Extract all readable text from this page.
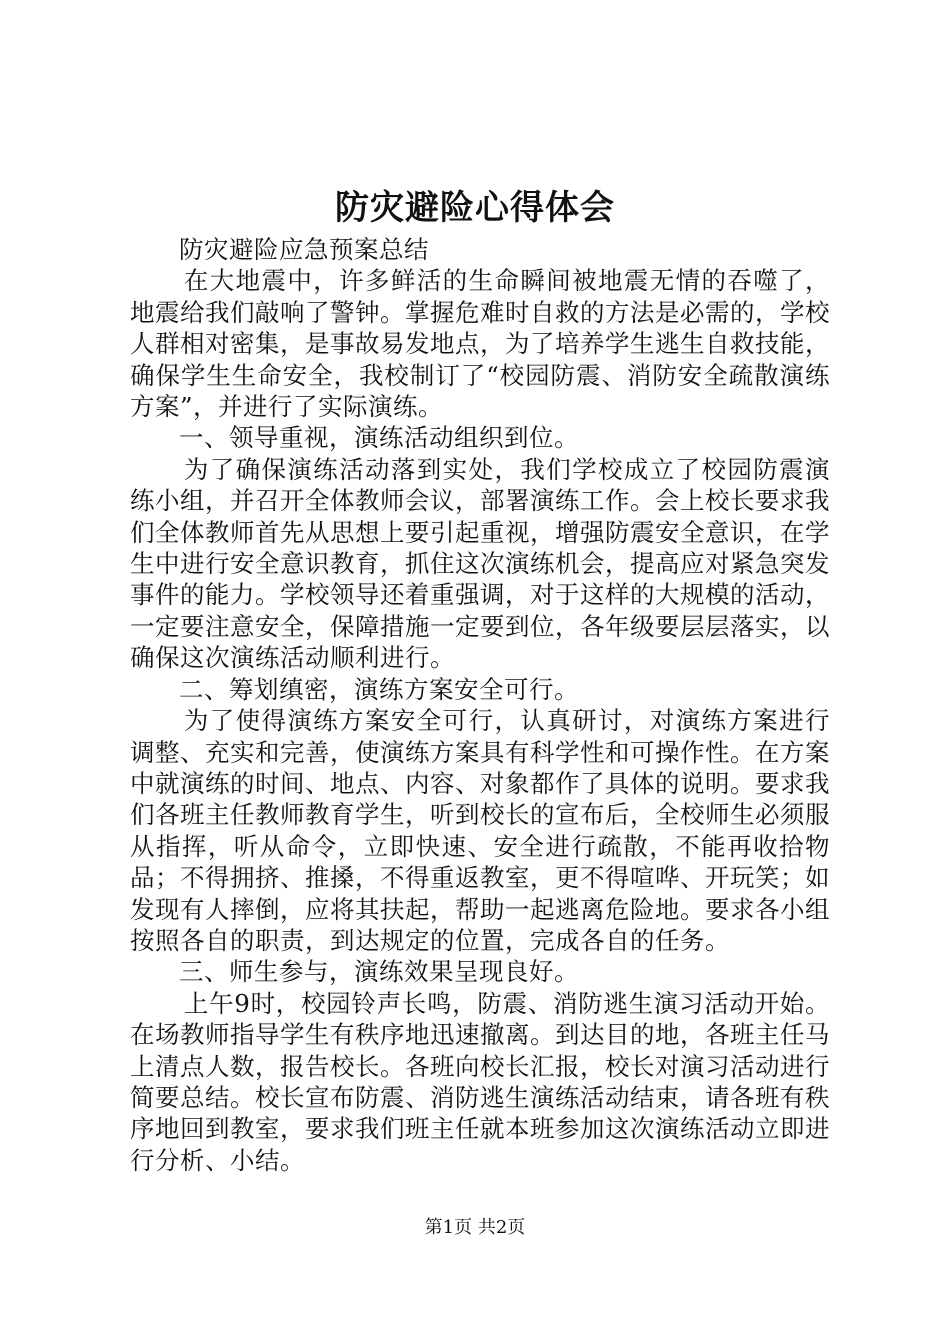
防灾避险心得体会

防灾避险应急预案总结

在大地震中，许多鲜活的生命瞬间被地震无情的吞噬了，地震给我们敲响了警钟。掌握危难时自救的方法是必需的，学校人群相对密集，是事故易发地点，为了培养学生逃生自救技能，确保学生生命安全，我校制订了“校园防震、消防安全疏散演练方案”，并进行了实际演练。

一、领导重视，演练活动组织到位。

为了确保演练活动落到实处，我们学校成立了校园防震演练小组，并召开全体教师会议，部署演练工作。会上校长要求我们全体教师首先从思想上要引起重视，增强防震安全意识，在学生中进行安全意识教育，抓住这次演练机会，提高应对紧急突发事件的能力。学校领导还着重强调，对于这样的大规模的活动，一定要注意安全，保障措施一定要到位，各年级要层层落实，以确保这次演练活动顺利进行。

二、筹划缜密，演练方案安全可行。

为了使得演练方案安全可行，认真研讨，对演练方案进行调整、充实和完善，使演练方案具有科学性和可操作性。在方案中就演练的时间、地点、内容、对象都作了具体的说明。要求我们各班主任教师教育学生，听到校长的宣布后，全校师生必须服从指挥，听从命令，立即快速、安全进行疏散，不能再收拾物品；不得拥挤、推搡，不得重返教室，更不得喧哗、开玩笑；如发现有人摔倒，应将其扶起，帮助一起逃离危险地。要求各小组按照各自的职责，到达规定的位置，完成各自的任务。

三、师生参与，演练效果呈现良好。

上午9时，校园铃声长鸣，防震、消防逃生演习活动开始。在场教师指导学生有秩序地迅速撤离。到达目的地，各班主任马上清点人数，报告校长。各班向校长汇报，校长对演习活动进行简要总结。校长宣布防震、消防逃生演练活动结束，请各班有秩序地回到教室，要求我们班主任就本班参加这次演练活动立即进行分析、小结。

第1页 共2页
